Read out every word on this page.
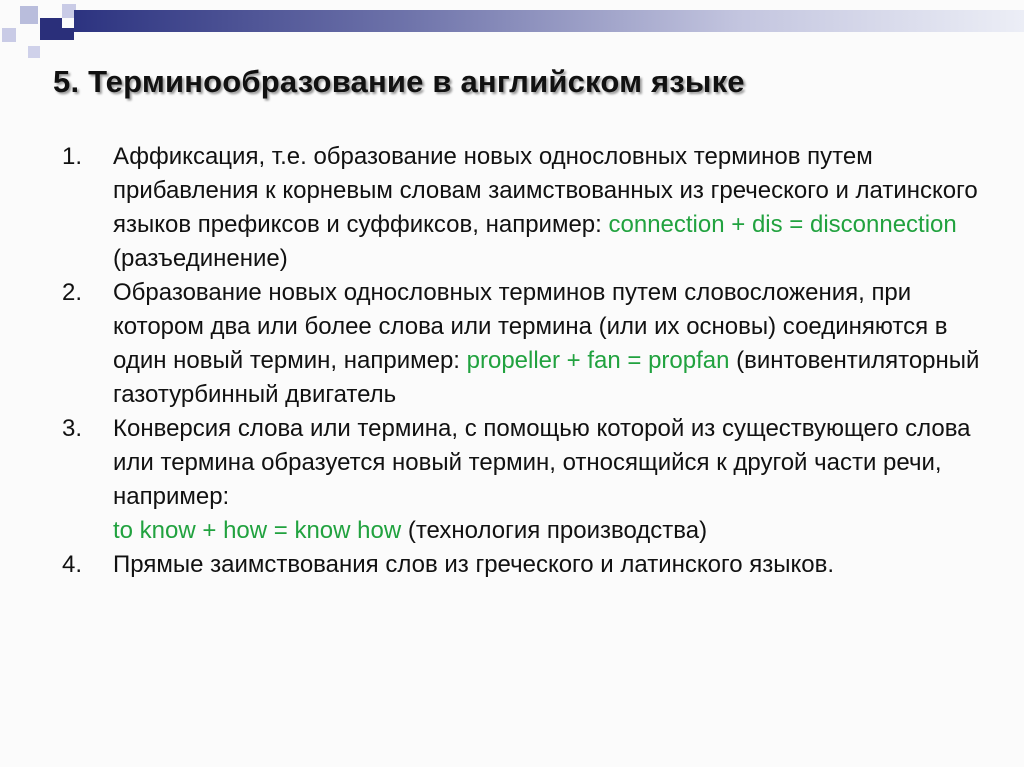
5. Терминообразование в английском языке
1. Аффиксация, т.е. образование новых однословных терминов путем прибавления к корневым словам заимствованных из греческого и латинского языков префиксов и суффиксов, например: connection + dis = disconnection (разъединение)
2. Образование новых однословных терминов путем словосложения, при котором два или более слова или термина (или их основы) соединяются в один новый термин, например: propeller + fan = propfan (винтовентиляторный газотурбинный двигатель
3. Конверсия слова или термина, с помощью которой из существующего слова или термина образуется новый термин, относящийся к другой части речи, например:
to know + how = know how (технология производства)
4. Прямые заимствования слов из греческого и латинского языков.
